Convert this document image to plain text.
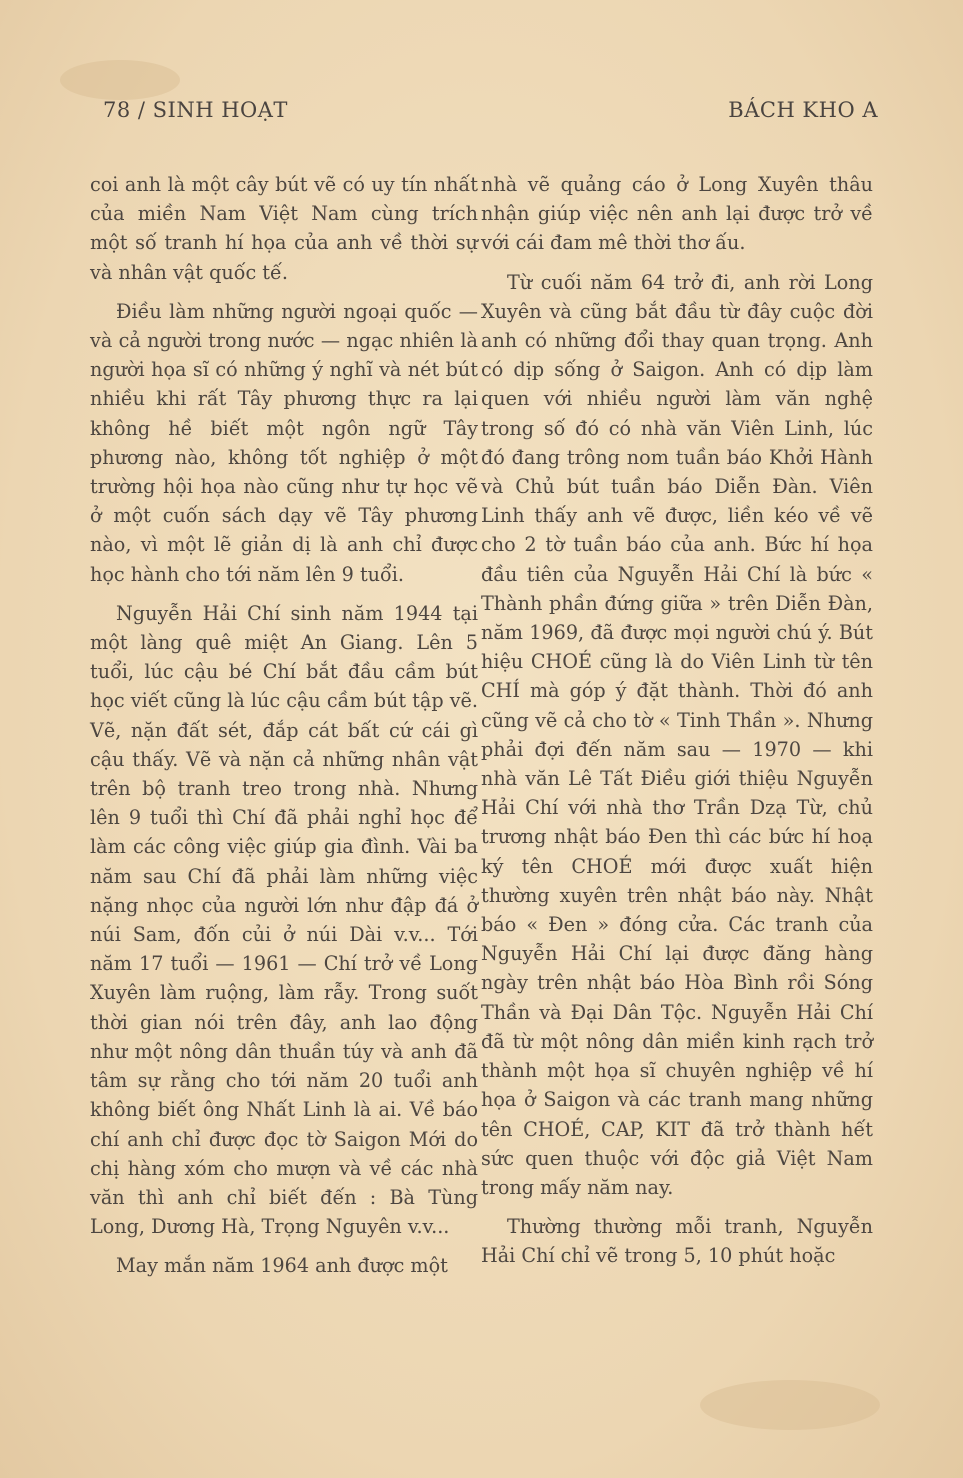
78 / SINH HOẠT	BÁCH KHO A

coi anh là một cây bút vẽ có uy tín nhất của miền Nam Việt Nam cùng trích một số tranh hí họa của anh về thời sự và nhân vật quốc tế.

Điều làm những người ngoại quốc — và cả người trong nước — ngạc nhiên là người họa sĩ có những ý nghĩ và nét bút nhiều khi rất Tây phương thực ra lại không hề biết một ngôn ngữ Tây phương nào, không tốt nghiệp ở một trường hội họa nào cũng như tự học vẽ ở một cuốn sách dạy vẽ Tây phương nào, vì một lẽ giản dị là anh chỉ được học hành cho tới năm lên 9 tuổi.

Nguyễn Hải Chí sinh năm 1944 tại một làng quê miệt An Giang. Lên 5 tuổi, lúc cậu bé Chí bắt đầu cầm bút học viết cũng là lúc cậu cầm bút tập vẽ. Vẽ, nặn đất sét, đắp cát bất cứ cái gì cậu thấy. Vẽ và nặn cả những nhân vật trên bộ tranh treo trong nhà. Nhưng lên 9 tuổi thì Chí đã phải nghỉ học để làm các công việc giúp gia đình. Vài ba năm sau Chí đã phải làm những việc nặng nhọc của người lớn như đập đá ở núi Sam, đốn củi ở núi Dài v.v... Tới năm 17 tuổi — 1961 — Chí trở về Long Xuyên làm ruộng, làm rẫy. Trong suốt thời gian nói trên đây, anh lao động như một nông dân thuần túy và anh đã tâm sự rằng cho tới năm 20 tuổi anh không biết ông Nhất Linh là ai. Về báo chí anh chỉ được đọc tờ Saigon Mới do chị hàng xóm cho mượn và về các nhà văn thì anh chỉ biết đến : Bà Tùng Long, Dương Hà, Trọng Nguyên v.v...

May mắn năm 1964 anh được một

nhà vẽ quảng cáo ở Long Xuyên thâu nhận giúp việc nên anh lại được trở về với cái đam mê thời thơ ấu.

Từ cuối năm 64 trở đi, anh rời Long Xuyên và cũng bắt đầu từ đây cuộc đời anh có những đổi thay quan trọng. Anh có dịp sống ở Saigon. Anh có dịp làm quen với nhiều người làm văn nghệ trong số đó có nhà văn Viên Linh, lúc đó đang trông nom tuần báo Khởi Hành và Chủ bút tuần báo Diễn Đàn. Viên Linh thấy anh vẽ được, liền kéo về vẽ cho 2 tờ tuần báo của anh. Bức hí họa đầu tiên của Nguyễn Hải Chí là bức « Thành phần đứng giữa » trên Diễn Đàn, năm 1969, đã được mọi người chú ý. Bút hiệu CHOÉ cũng là do Viên Linh từ tên CHÍ mà góp ý đặt thành. Thời đó anh cũng vẽ cả cho tờ « Tinh Thần ». Nhưng phải đợi đến năm sau — 1970 — khi nhà văn Lê Tất Điều giới thiệu Nguyễn Hải Chí với nhà thơ Trần Dzạ Từ, chủ trương nhật báo Đen thì các bức hí hoạ ký tên CHOÉ mới được xuất hiện thường xuyên trên nhật báo này. Nhật báo « Đen » đóng cửa. Các tranh của Nguyễn Hải Chí lại được đăng hàng ngày trên nhật báo Hòa Bình rồi Sóng Thần và Đại Dân Tộc. Nguyễn Hải Chí đã từ một nông dân miền kinh rạch trở thành một họa sĩ chuyên nghiệp về hí họa ở Saigon và các tranh mang những tên CHOÉ, CAP, KIT đã trở thành hết sức quen thuộc với độc giả Việt Nam trong mấy năm nay.

Thường thường mỗi tranh, Nguyễn Hải Chí chỉ vẽ trong 5, 10 phút hoặc
